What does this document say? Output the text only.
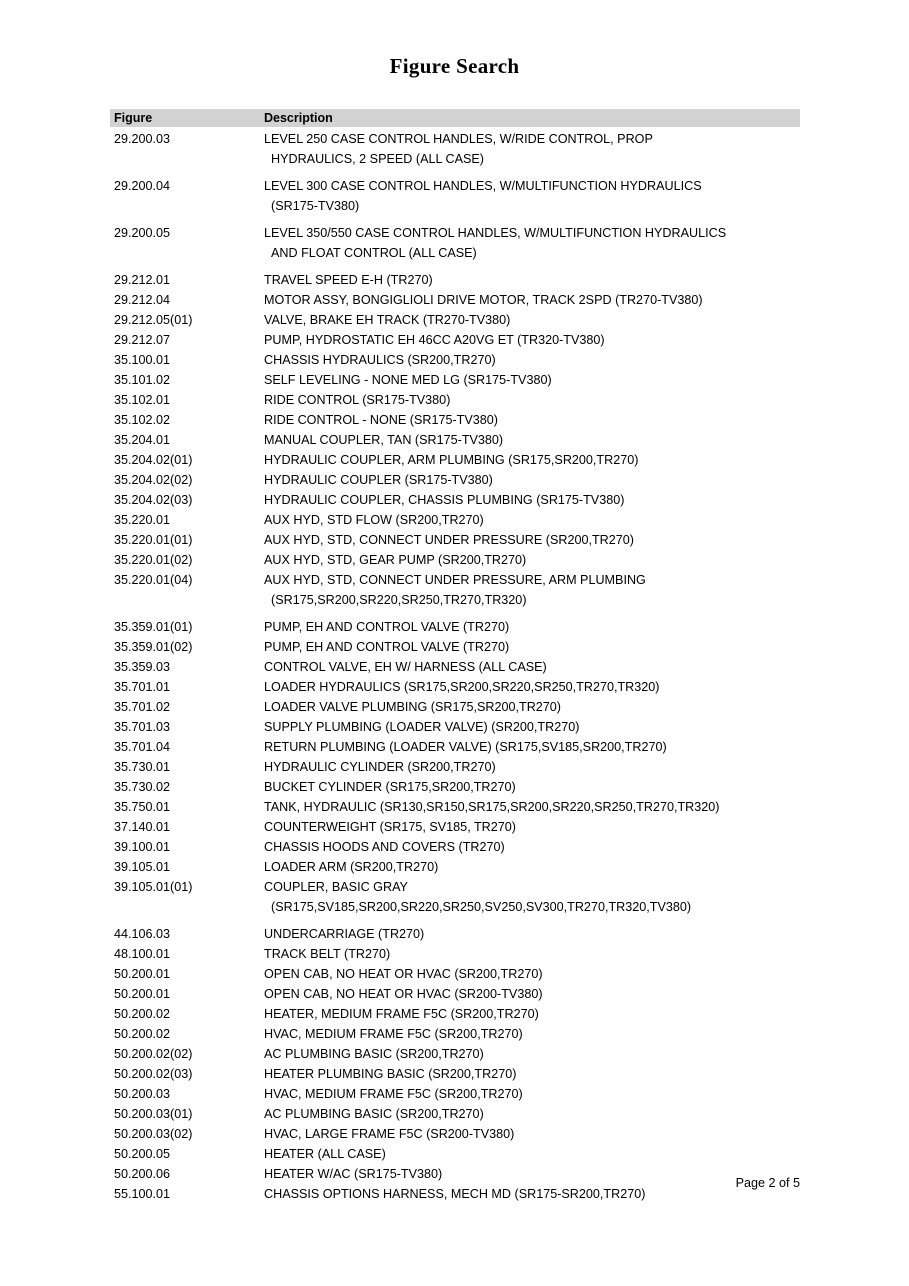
Figure Search
Figure	Description
29.200.03	LEVEL 250 CASE CONTROL HANDLES, W/RIDE CONTROL, PROP
HYDRAULICS, 2 SPEED (ALL CASE)
29.200.04	LEVEL 300 CASE CONTROL HANDLES, W/MULTIFUNCTION HYDRAULICS
(SR175-TV380)
29.200.05	LEVEL 350/550 CASE CONTROL HANDLES, W/MULTIFUNCTION HYDRAULICS
AND FLOAT CONTROL (ALL CASE)
29.212.01	TRAVEL SPEED E-H (TR270)
29.212.04	MOTOR ASSY, BONGIGLIOLI DRIVE MOTOR, TRACK 2SPD (TR270-TV380)
29.212.05(01)	VALVE, BRAKE EH TRACK (TR270-TV380)
29.212.07	PUMP, HYDROSTATIC EH 46CC A20VG ET (TR320-TV380)
35.100.01	CHASSIS HYDRAULICS (SR200,TR270)
35.101.02	SELF LEVELING - NONE MED LG (SR175-TV380)
35.102.01	RIDE CONTROL (SR175-TV380)
35.102.02	RIDE CONTROL - NONE (SR175-TV380)
35.204.01	MANUAL COUPLER, TAN (SR175-TV380)
35.204.02(01)	HYDRAULIC COUPLER, ARM PLUMBING (SR175,SR200,TR270)
35.204.02(02)	HYDRAULIC COUPLER (SR175-TV380)
35.204.02(03)	HYDRAULIC COUPLER, CHASSIS PLUMBING (SR175-TV380)
35.220.01	AUX HYD, STD FLOW (SR200,TR270)
35.220.01(01)	AUX HYD, STD, CONNECT UNDER PRESSURE (SR200,TR270)
35.220.01(02)	AUX HYD, STD, GEAR PUMP (SR200,TR270)
35.220.01(04)	AUX HYD, STD, CONNECT UNDER PRESSURE, ARM PLUMBING
(SR175,SR200,SR220,SR250,TR270,TR320)
35.359.01(01)	PUMP, EH AND CONTROL VALVE (TR270)
35.359.01(02)	PUMP, EH AND CONTROL VALVE (TR270)
35.359.03	CONTROL VALVE, EH W/ HARNESS (ALL CASE)
35.701.01	LOADER HYDRAULICS (SR175,SR200,SR220,SR250,TR270,TR320)
35.701.02	LOADER VALVE PLUMBING (SR175,SR200,TR270)
35.701.03	SUPPLY PLUMBING (LOADER VALVE) (SR200,TR270)
35.701.04	RETURN PLUMBING (LOADER VALVE) (SR175,SV185,SR200,TR270)
35.730.01	HYDRAULIC CYLINDER (SR200,TR270)
35.730.02	BUCKET CYLINDER (SR175,SR200,TR270)
35.750.01	TANK, HYDRAULIC (SR130,SR150,SR175,SR200,SR220,SR250,TR270,TR320)
37.140.01	COUNTERWEIGHT (SR175, SV185, TR270)
39.100.01	CHASSIS HOODS AND COVERS (TR270)
39.105.01	LOADER ARM (SR200,TR270)
39.105.01(01)	COUPLER, BASIC GRAY
(SR175,SV185,SR200,SR220,SR250,SV250,SV300,TR270,TR320,TV380)
44.106.03	UNDERCARRIAGE (TR270)
48.100.01	TRACK BELT (TR270)
50.200.01	OPEN CAB, NO HEAT OR HVAC (SR200,TR270)
50.200.01	OPEN CAB, NO HEAT OR HVAC (SR200-TV380)
50.200.02	HEATER, MEDIUM FRAME F5C (SR200,TR270)
50.200.02	HVAC, MEDIUM FRAME F5C (SR200,TR270)
50.200.02(02)	AC PLUMBING BASIC (SR200,TR270)
50.200.02(03)	HEATER PLUMBING BASIC (SR200,TR270)
50.200.03	HVAC, MEDIUM FRAME F5C (SR200,TR270)
50.200.03(01)	AC PLUMBING BASIC (SR200,TR270)
50.200.03(02)	HVAC, LARGE FRAME F5C (SR200-TV380)
50.200.05	HEATER (ALL CASE)
50.200.06	HEATER W/AC (SR175-TV380)
55.100.01	CHASSIS OPTIONS HARNESS, MECH MD (SR175-SR200,TR270)
Page 2 of 5
